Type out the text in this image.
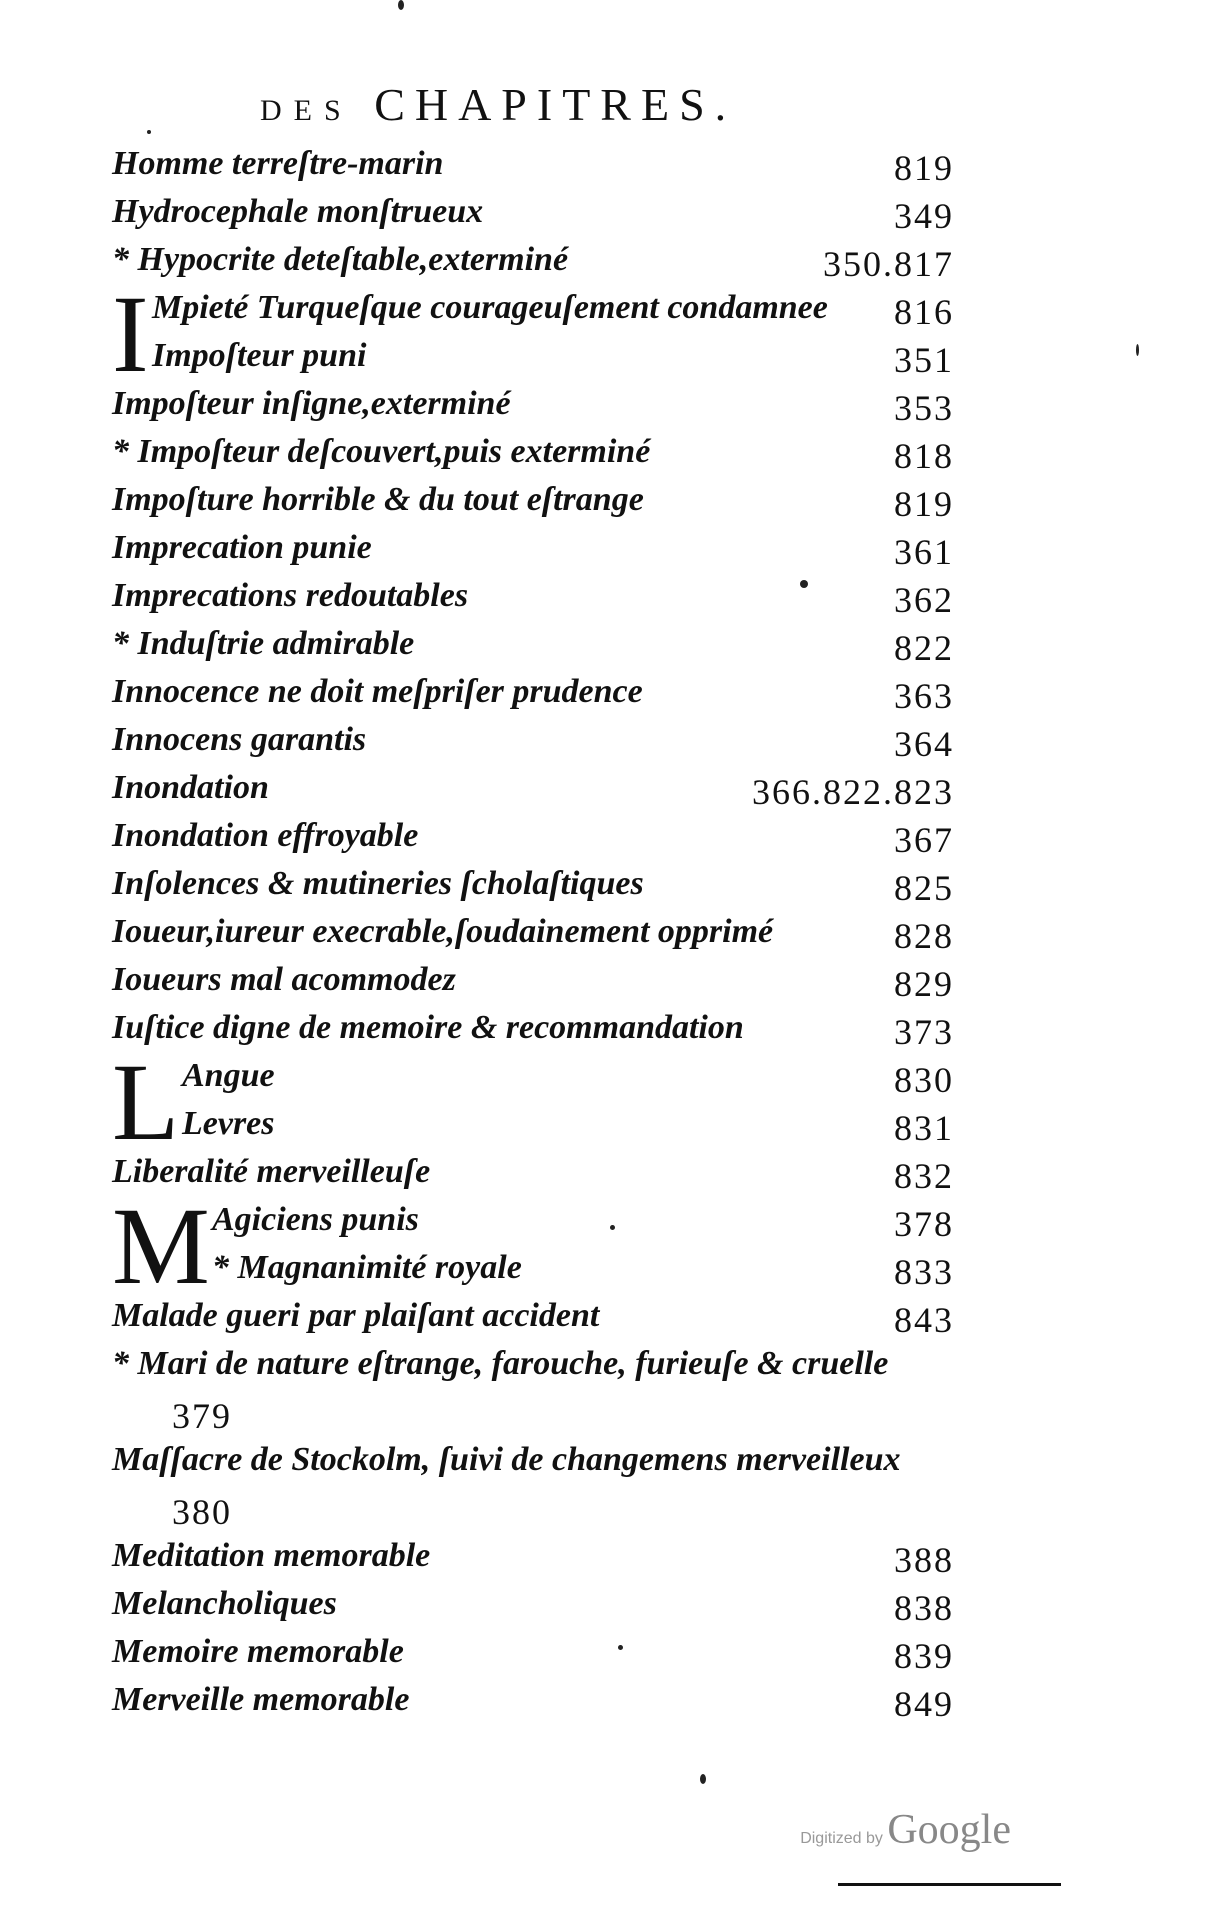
DES CHAPITRES.
Homme terreſtre-marin	819
Hydrocephale monſtrueux	349
* Hypocrite deteſtable,exterminé	350.817
I Mpieté Turqueſque courageuſement condamnee 816
Impoſteur puni	351
Impoſteur inſigne,exterminé	353
* Impoſteur deſcouvert,puis exterminé	818
Impoſture horrible & du tout eſtrange	819
Imprecation punie	361
Imprecations redoutables	362
* Induſtrie admirable	822
Innocence ne doit meſpriſer prudence	363
Innocens garantis	364
Inondation	366.822.823
Inondation effroyable	367
Inſolences & mutineries ſcholaſtiques	825
Ioueur,iureur execrable,ſoudainement opprimé	828
Ioueurs mal acommodez	829
Iuſtice digne de memoire & recommandation	373
L Angue	830
Levres	831
Liberalité merveilleuſe	832
M Agiciens punis	378
* Magnanimité royale	833
Malade gueri par plaiſant accident	843
* Mari de nature eſtrange, farouche, furieuſe & cruelle
379
Maſſacre de Stockolm, ſuivi de changemens merveilleux
380
Meditation memorable	388
Melancholiques	838
Memoire memorable	839
Merveille memorable	849
Digitized by Google
